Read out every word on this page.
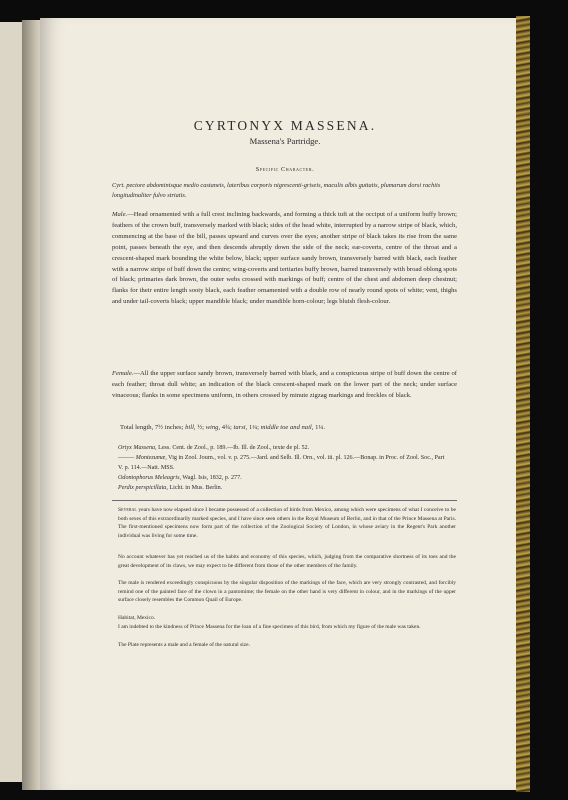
CYRTONYX MASSENA.
Massena's Partridge.
Specific Character.
Cyrt. pectore abdominisque medio castaneis, lateribus corporis nigrescenti-griseis, maculis albis guttatis, plumarum dorsi rachiis longitudinaliter fulvo striatis.
Male.—Head ornamented with a full crest inclining backwards, and forming a thick tuft at the occiput of a uniform buffy brown; feathers of the crown buff, transversely marked with black; sides of the head white, interrupted by a narrow stripe of black, which, commencing at the base of the bill, passes upward and curves over the eyes; another stripe of black takes its rise from the same point, passes beneath the eye, and then descends abruptly down the side of the neck; ear-coverts, centre of the throat and a crescent-shaped mark bounding the white below, black; upper surface sandy brown, transversely barred with black, each feather with a narrow stripe of buff down the centre; wing-coverts and tertiaries buffy brown, barred transversely with broad oblong spots of black; primaries dark brown, the outer webs crossed with markings of buff; centre of the chest and abdomen deep chestnut; flanks for their entire length sooty black, each feather ornamented with a double row of nearly round spots of white; vent, thighs and under tail-coverts black; upper mandible black; under mandible horn-colour; legs bluish flesh-colour.
Female.—All the upper surface sandy brown, transversely barred with black, and a conspicuous stripe of buff down the centre of each feather; throat dull white; an indication of the black crescent-shaped mark on the lower part of the neck; under surface vinaceous; flanks in some specimens uniform, in others crossed by minute zigzag markings and freckles of black.
Total length, 7½ inches; bill, ½; wing, 4¾; tarsi, 1¼; middle toe and nail, 1¼.
Ortyx Massena, Less. Cent. de Zool., p. 189.—Ib. Ill. de Zool., texte de pl. 52.
——— Montezumæ, Vig in Zool. Journ., vol. v. p. 275.—Jard. and Selb. Ill. Orn., vol. iii. pl. 126.—Bonap. in Proc. of Zool. Soc., Part V. p. 114.—Natt. MSS.
Odontophorus Meleagris, Wagl. Isis, 1832, p. 277.
Perdix perspicillata, Licht. in Mus. Berlin.
Several years have now elapsed since I became possessed of a collection of birds from Mexico, among which were specimens of what I conceive to be both sexes of this extraordinarily marked species, and I have since seen others in the Royal Museum of Berlin, and in that of the Prince Massena at Paris. The first-mentioned specimens now form part of the collection of the Zoological Society of London, in whose aviary in the Regent's Park another individual was living for some time.
No account whatever has yet reached us of the habits and economy of this species, which, judging from the comparative shortness of its toes and the great development of its claws, we may expect to be different from those of the other members of the family.
The male is rendered exceedingly conspicuous by the singular disposition of the markings of the face, which are very strongly contrasted, and forcibly remind one of the painted face of the clown in a pantomime; the female on the other hand is very different in colour, and in the markings of the upper surface closely resembles the Common Quail of Europe.
Habitat, Mexico.
I am indebted to the kindness of Prince Massena for the loan of a fine specimen of this bird, from which my figure of the male was taken.
The Plate represents a male and a female of the natural size.
